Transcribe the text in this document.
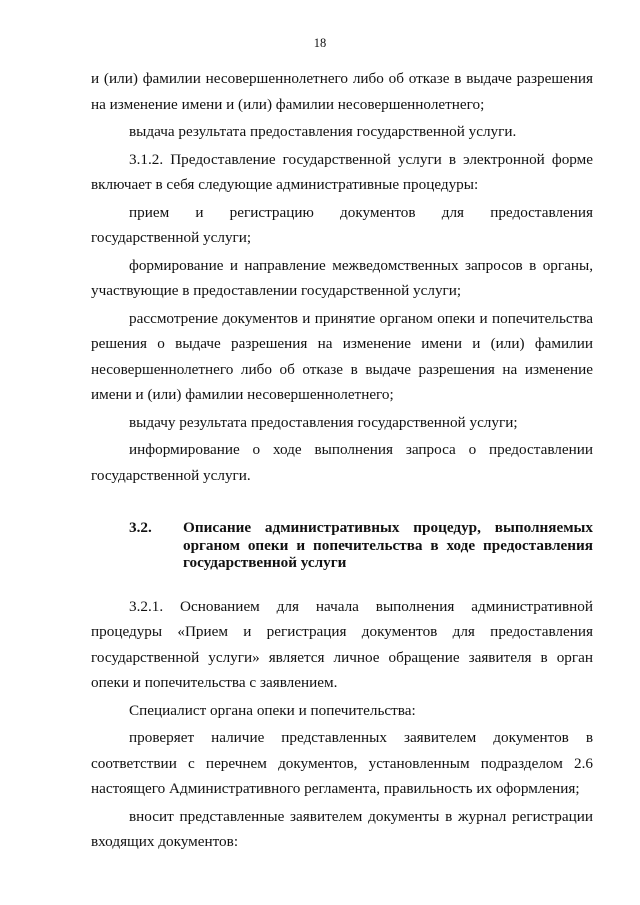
18

и (или) фамилии несовершеннолетнего либо об отказе в выдаче разрешения на изменение имени и (или) фамилии несовершеннолетнего;

выдача результата предоставления государственной услуги.

3.1.2. Предоставление государственной услуги в электронной форме включает в себя следующие административные процедуры:

прием и регистрацию документов для предоставления государственной услуги;

формирование и направление межведомственных запросов в органы, участвующие в предоставлении государственной услуги;

рассмотрение документов и принятие органом опеки и попечительства решения о выдаче разрешения на изменение имени и (или) фамилии несовершеннолетнего либо об отказе в выдаче разрешения на изменение имени и (или) фамилии несовершеннолетнего;

выдачу результата предоставления государственной услуги;

информирование о ходе выполнения запроса о предоставлении государственной услуги.

3.2.	Описание административных процедур, выполняемых органом опеки и попечительства в ходе предоставления государственной услуги

3.2.1. Основанием для начала выполнения административной процедуры «Прием и регистрация документов для предоставления государственной услуги» является личное обращение заявителя в орган опеки и попечительства с заявлением.

Специалист органа опеки и попечительства:

проверяет наличие представленных заявителем документов в соответствии с перечнем документов, установленным подразделом 2.6 настоящего Административного регламента, правильность их оформления;

вносит представленные заявителем документы в журнал регистрации входящих документов:
